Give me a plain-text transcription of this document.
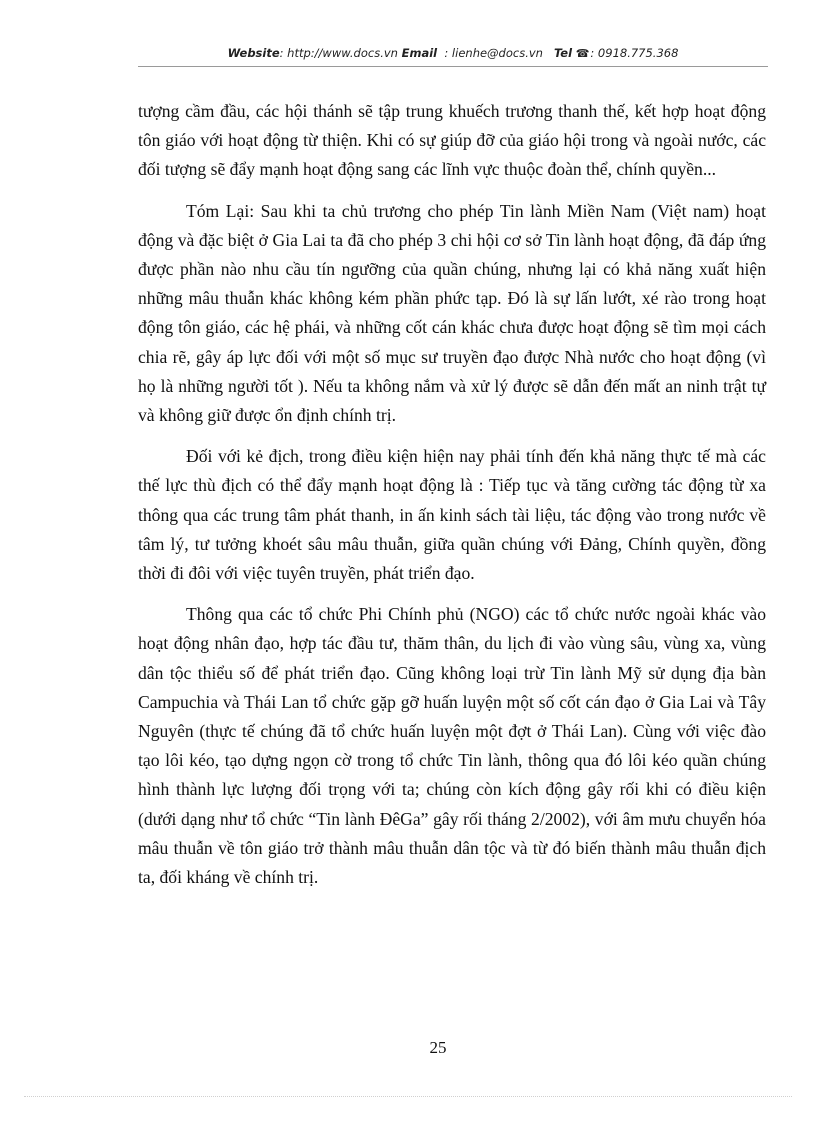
Website: http://www.docs.vn Email : lienhe@docs.vn Tel ☎: 0918.775.368

tượng cầm đầu, các hội thánh sẽ tập trung khuếch trương thanh thế, kết hợp hoạt động tôn giáo với hoạt động từ thiện. Khi có sự giúp đỡ của giáo hội trong và ngoài nước, các đối tượng sẽ đẩy mạnh hoạt động sang các lĩnh vực thuộc đoàn thể, chính quyền...

Tóm Lại: Sau khi ta chủ trương cho phép Tin lành Miền Nam (Việt nam) hoạt động và đặc biệt ở Gia Lai ta đã cho phép 3 chi hội cơ sở Tin lành hoạt động, đã đáp ứng được phần nào nhu cầu tín ngưỡng của quần chúng, nhưng lại có khả năng xuất hiện những mâu thuẫn khác không kém phần phức tạp. Đó là sự lấn lướt, xé rào trong hoạt động tôn giáo, các hệ phái, và những cốt cán khác chưa được hoạt động sẽ tìm mọi cách chia rẽ, gây áp lực đối với một số mục sư truyền đạo được Nhà nước cho hoạt động (vì họ là những người tốt ). Nếu ta không nắm và xử lý được sẽ dẫn đến mất an ninh trật tự và không giữ được ổn định chính trị.

Đối với kẻ địch, trong điều kiện hiện nay phải tính đến khả năng thực tế mà các thế lực thù địch có thể đẩy mạnh hoạt động là : Tiếp tục và tăng cường tác động từ xa thông qua các trung tâm phát thanh, in ấn kinh sách tài liệu, tác động vào trong nước về tâm lý, tư tưởng khoét sâu mâu thuẫn, giữa quần chúng với Đảng, Chính quyền, đồng thời đi đôi với việc tuyên truyền, phát triển đạo.

Thông qua các tổ chức Phi Chính phủ (NGO) các tổ chức nước ngoài khác vào hoạt động nhân đạo, hợp tác đầu tư, thăm thân, du lịch đi vào vùng sâu, vùng xa, vùng dân tộc thiểu số để phát triển đạo. Cũng không loại trừ Tin lành Mỹ sử dụng địa bàn Campuchia và Thái Lan tổ chức gặp gỡ huấn luyện một số cốt cán đạo ở Gia Lai và Tây Nguyên (thực tế chúng đã tổ chức huấn luyện một đợt ở Thái Lan). Cùng với việc đào tạo lôi kéo, tạo dựng ngọn cờ trong tổ chức Tin lành, thông qua đó lôi kéo quần chúng hình thành lực lượng đối trọng với ta; chúng còn kích động gây rối khi có điều kiện (dưới dạng như tổ chức “Tin lành ĐêGa” gây rối tháng 2/2002), với âm mưu chuyển hóa mâu thuẫn về tôn giáo trở thành mâu thuẫn dân tộc và từ đó biến thành mâu thuẫn địch ta, đối kháng về chính trị.

25
